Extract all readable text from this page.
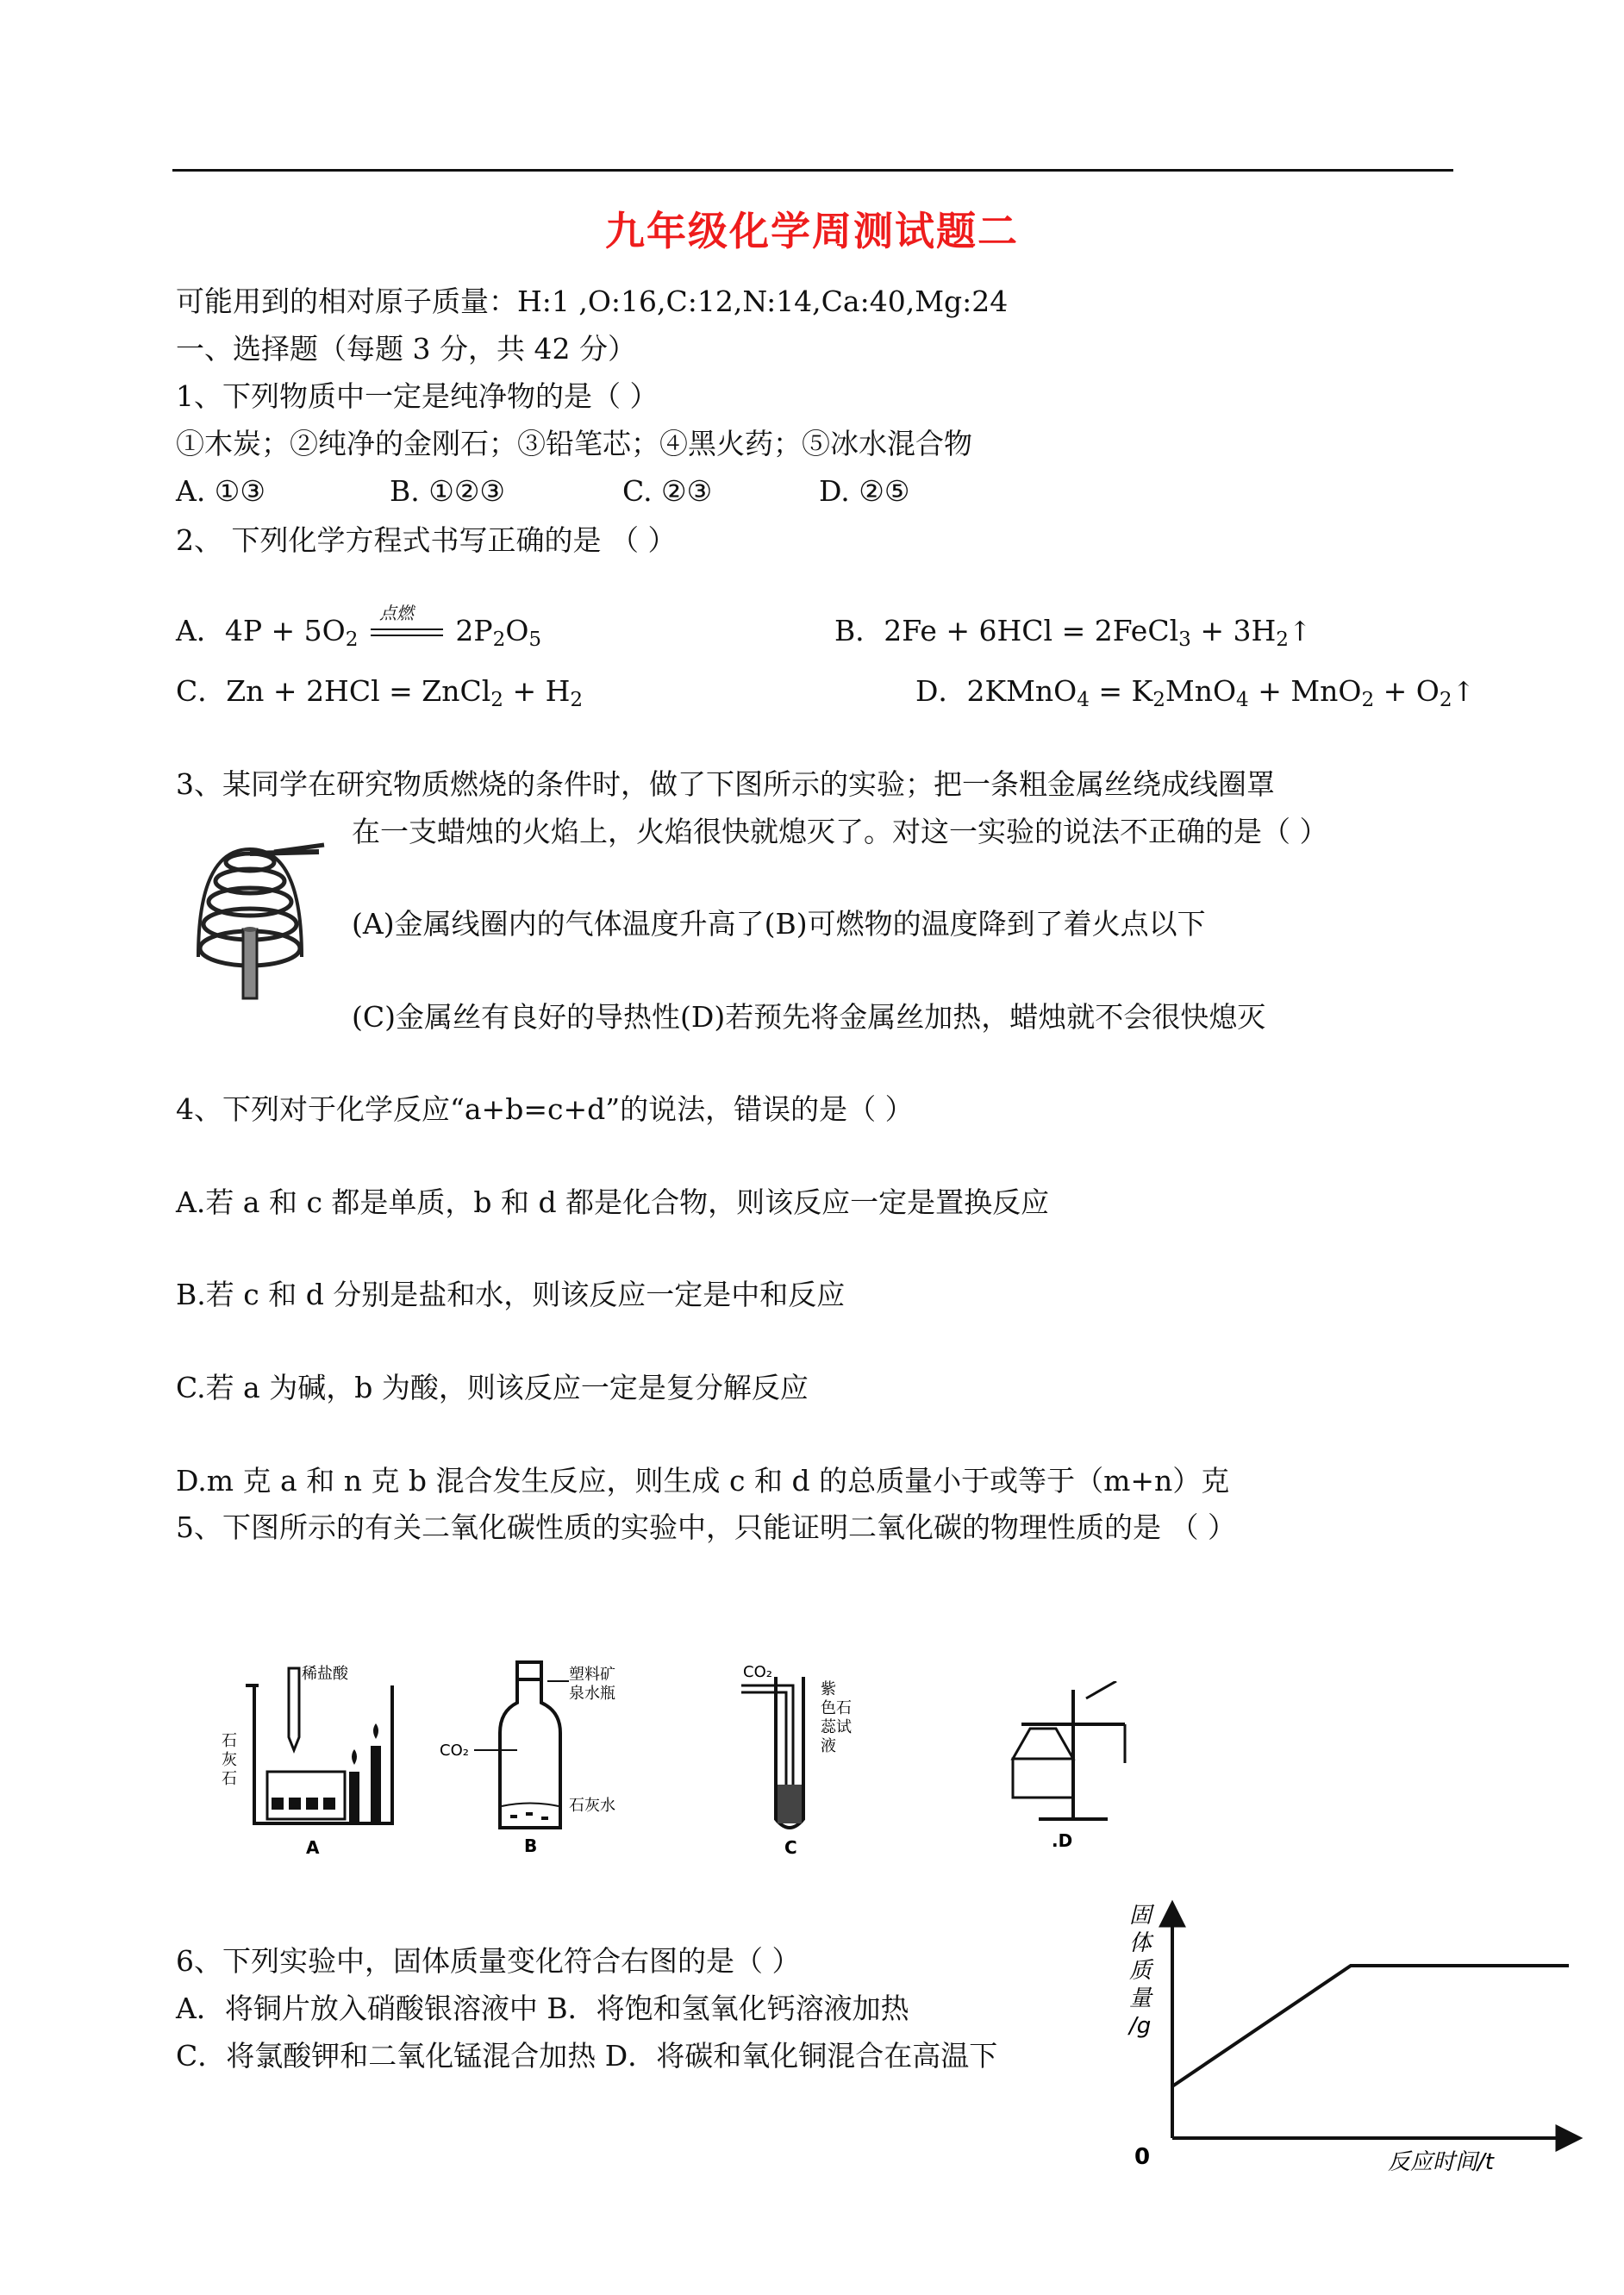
九年级化学周测试题二
可能用到的相对原子质量：H:1 ,O:16,C:12,N:14,Ca:40,Mg:24
一、选择题（每题 3 分，共 42 分）
1、下列物质中一定是纯净物的是（ ）
①木炭；②纯净的金刚石；③铅笔芯；④黑火药；⑤冰水混合物
A. ①③	B. ①②③	C. ②③	D. ②⑤
2、 下列化学方程式书写正确的是 （ ）
A．$4P + 5O_2$
点燃
$2P_2O_5$	B．2Fe + 6HCl = 2FeCl$_3$ + $3H_2↑$
C．Zn + 2HCl = ZnCl$_2$ + $H_2$	D．2KMnO$_4$ = $K_2MnO_4 + MnO_2$ + $O_2↑$
3、某同学在研究物质燃烧的条件时，做了下图所示的实验；把一条粗金属丝绕成线圈罩
在一支蜡烛的火焰上，火焰很快就熄灭了。对这一实验的说法不正确的是（ ）
(A)金属线圈内的气体温度升高了(B)可燃物的温度降到了着火点以下
(C)金属丝有良好的导热性(D)若预先将金属丝加热，蜡烛就不会很快熄灭
4、下列对于化学反应“a+b=c+d”的说法，错误的是（ ）
A.若 a 和 c 都是单质，b 和 d 都是化合物，则该反应一定是置换反应
B.若 c 和 d 分别是盐和水，则该反应一定是中和反应
C.若 a 为碱，b 为酸，则该反应一定是复分解反应
D.m 克 a 和 n 克 b 混合发生反应，则生成 c 和 d 的总质量小于或等于（m+n）克
5、下图所示的有关二氧化碳性质的实验中，只能证明二氧化碳的物理性质的是 （ ）
稀盐酸
石
灰
石
A
塑料矿
泉水瓶
CO₂
石灰水
B
CO₂
紫
色石
蕊试
液
C	.D
6、下列实验中，固体质量变化符合右图的是（ ）
A．将铜片放入硝酸银溶液中 B．将饱和氢氧化钙溶液加热
C．将氯酸钾和二氧化锰混合加热 D．将碳和氧化铜混合在高温下
固
体
质
量
/g
0	反应时间/t
